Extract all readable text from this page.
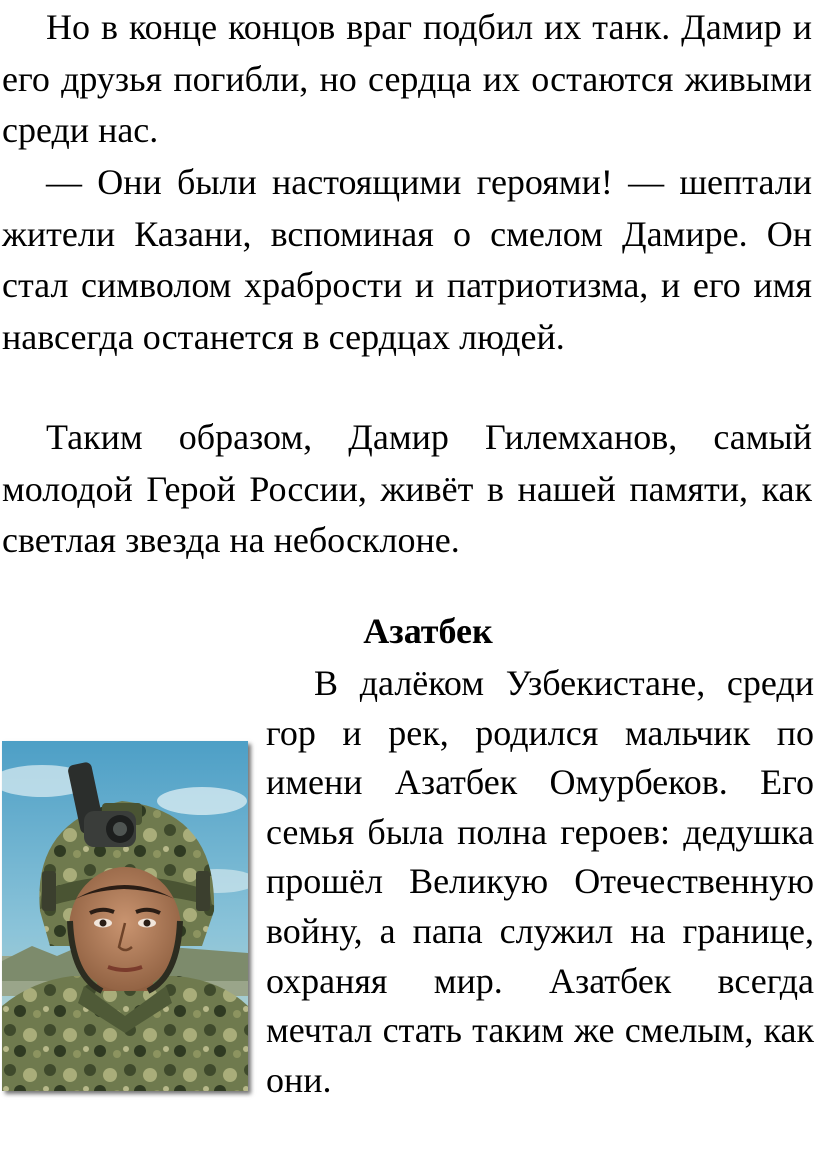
Но в конце концов враг подбил их танк. Дамир и его друзья погибли, но сердца их остаются живыми среди нас.

— Они были настоящими героями! — шептали жители Казани, вспоминая о смелом Дамире. Он стал символом храбрости и патриотизма, и его имя навсегда останется в сердцах людей.

Таким образом, Дамир Гилемханов, самый молодой Герой России, живёт в нашей памяти, как светлая звезда на небосклоне.

Азатбек

В далёком Узбекистане, среди гор и рек, родился мальчик по имени Азатбек Омурбеков. Его семья была полна героев: дедушка прошёл Великую Отечественную войну, а папа служил на границе, охраняя мир. Азатбек всегда мечтал стать таким же смелым, как они.
